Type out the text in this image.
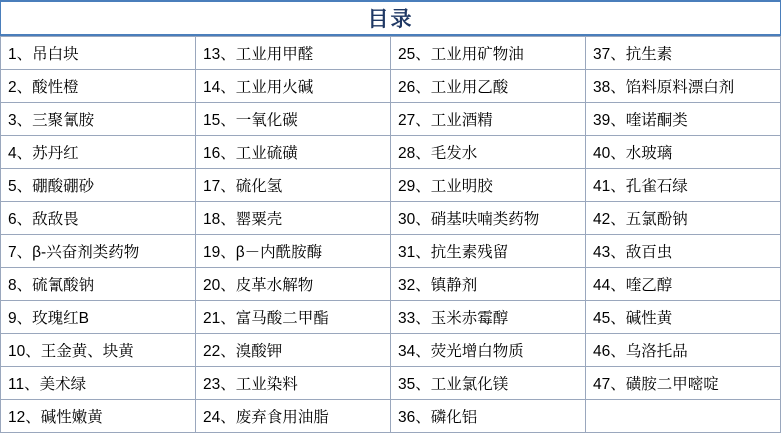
目录
1、吊白块	13、工业用甲醛	25、工业用矿物油	37、抗生素
2、酸性橙	14、工业用火碱	26、工业用乙酸	38、馅料原料漂白剂
3、三聚氰胺	15、一氧化碳	27、工业酒精	39、喹诺酮类
4、苏丹红	16、工业硫磺	28、毛发水	40、水玻璃
5、硼酸硼砂	17、硫化氢	29、工业明胶	41、孔雀石绿
6、敌敌畏	18、罂粟壳	30、硝基呋喃类药物	42、五氯酚钠
7、β-兴奋剂类药物	19、β－内酰胺酶	31、抗生素残留	43、敌百虫
8、硫氰酸钠	20、皮革水解物	32、镇静剂	44、喹乙醇
9、玫瑰红B	21、富马酸二甲酯	33、玉米赤霉醇	45、碱性黄
10、王金黄、块黄	22、溴酸钾	34、荧光增白物质	46、乌洛托品
11、美术绿	23、工业染料	35、工业氯化镁	47、磺胺二甲嘧啶
12、碱性嫩黄	24、废弃食用油脂	36、磷化铝	
